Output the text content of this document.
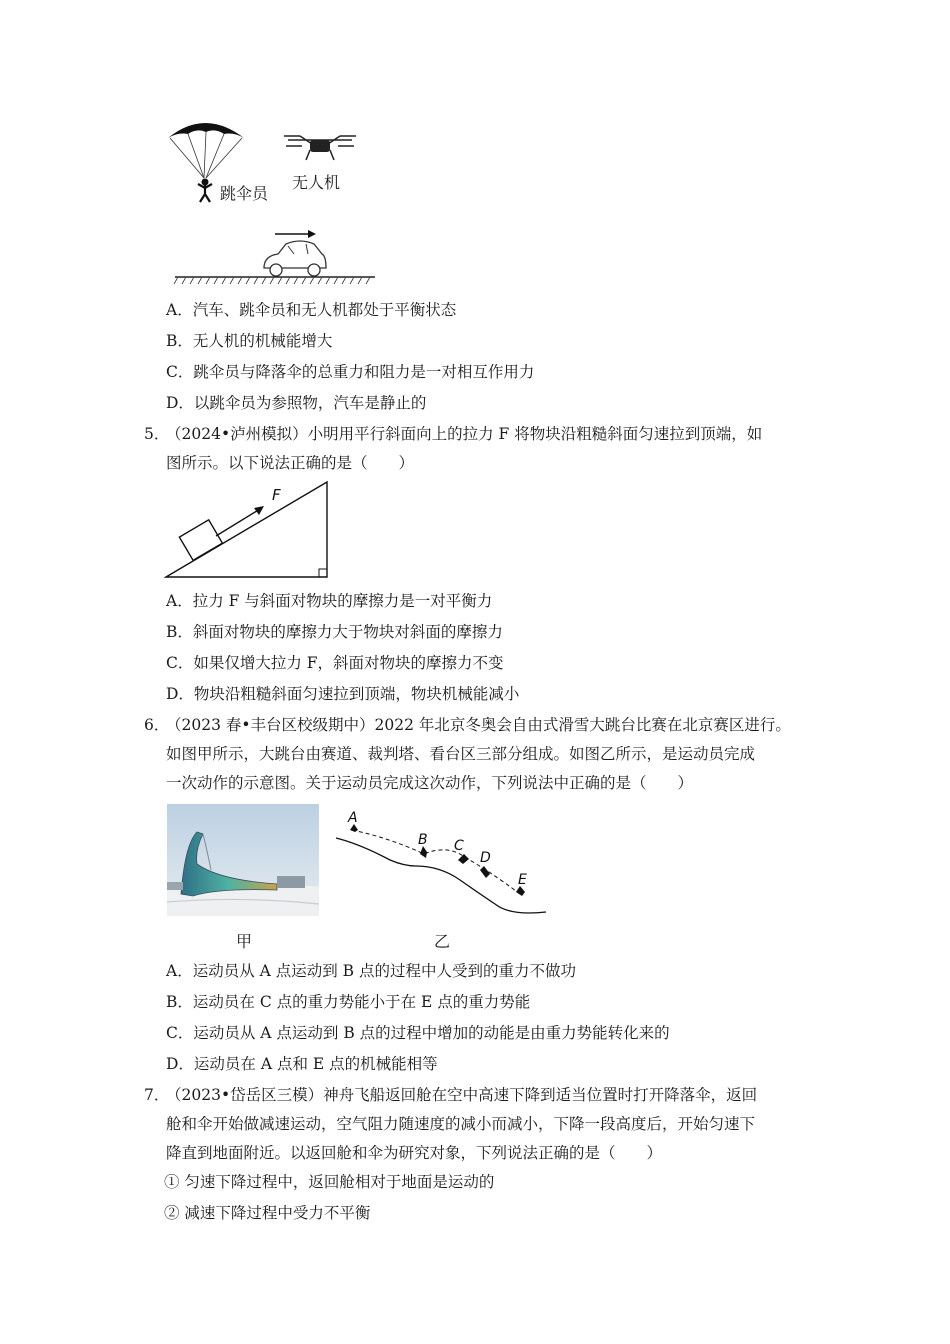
跳伞员
无人机
A．汽车、跳伞员和无人机都处于平衡状态
B．无人机的机械能增大
C．跳伞员与降落伞的总重力和阻力是一对相互作用力
D．以跳伞员为参照物，汽车是静止的
5．
（2024•泸州模拟）小明用平行斜面向上的拉力 F 将物块沿粗糙斜面匀速拉到顶端，如
图所示。以下说法正确的是（　　）
F
A．拉力 F 与斜面对物块的摩擦力是一对平衡力
B．斜面对物块的摩擦力大于物块对斜面的摩擦力
C．如果仅增大拉力 F，斜面对物块的摩擦力不变
D．物块沿粗糙斜面匀速拉到顶端，物块机械能减小
6．
（2023 春•丰台区校级期中）2022 年北京冬奥会自由式滑雪大跳台比赛在北京赛区进行。
如图甲所示，大跳台由赛道、裁判塔、看台区三部分组成。如图乙所示，是运动员完成
一次动作的示意图。关于运动员完成这次动作，下列说法中正确的是（　　）
A
B C
D
E
甲	乙
A．运动员从 A 点运动到 B 点的过程中人受到的重力不做功
B．运动员在 C 点的重力势能小于在 E 点的重力势能
C．运动员从 A 点运动到 B 点的过程中增加的动能是由重力势能转化来的
D．运动员在 A 点和 E 点的机械能相等
7．
（2023•岱岳区三模）神舟飞船返回舱在空中高速下降到适当位置时打开降落伞，返回
舱和伞开始做减速运动，空气阻力随速度的减小而减小，下降一段高度后，开始匀速下
降直到地面附近。以返回舱和伞为研究对象，下列说法正确的是（　　）
① 匀速下降过程中，返回舱相对于地面是运动的
② 减速下降过程中受力不平衡
